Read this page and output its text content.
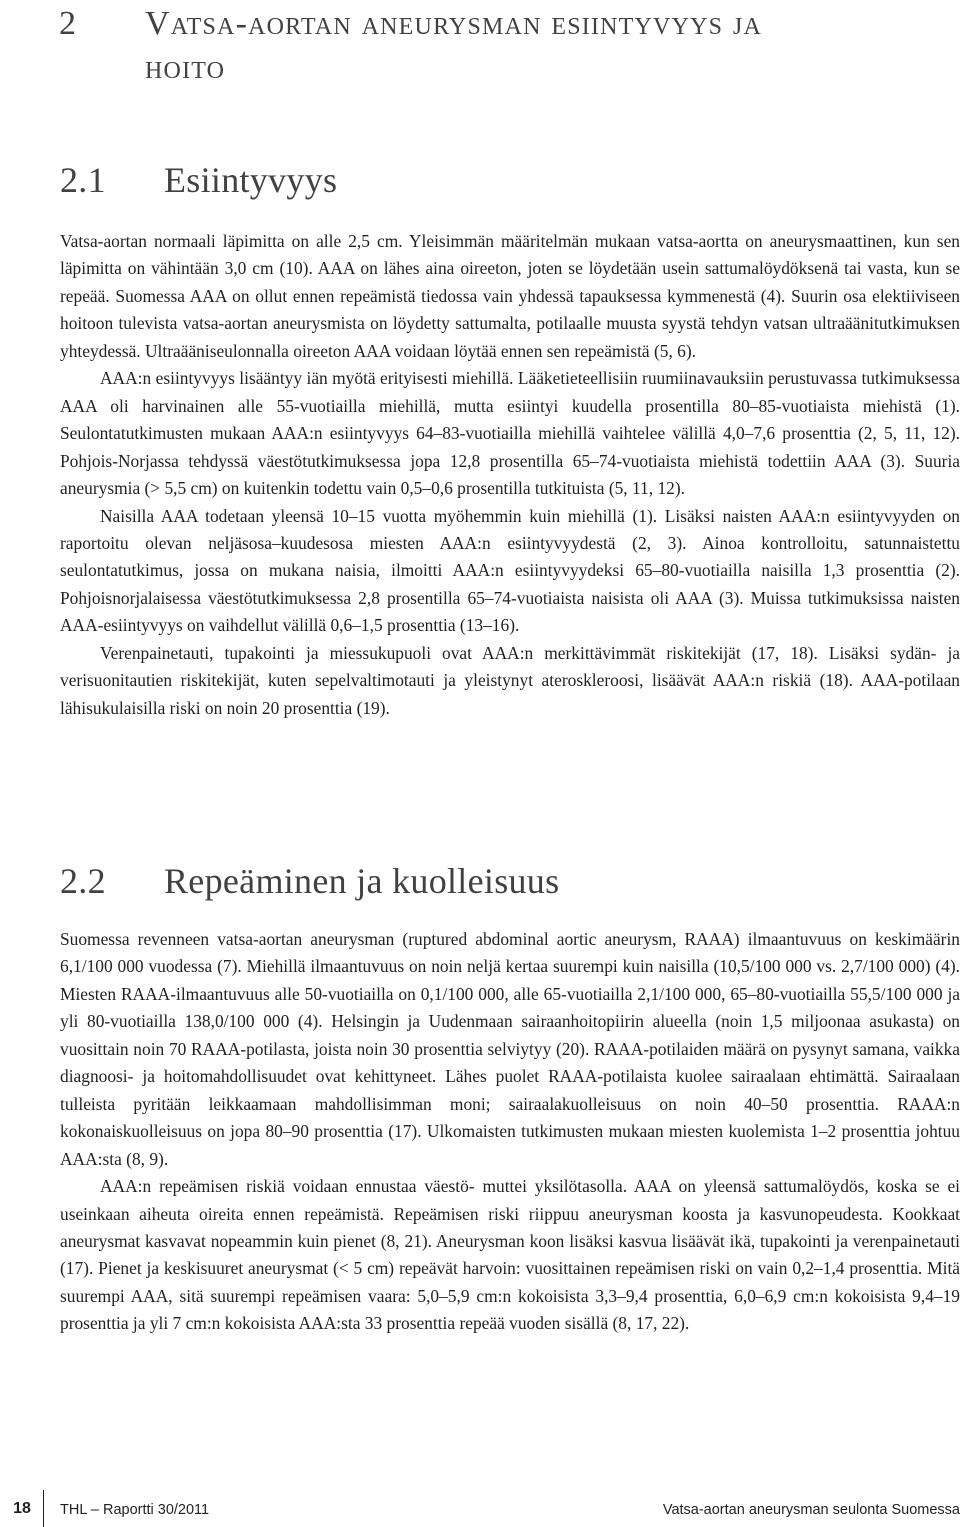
2 Vatsa-aortan aneurysman esiintyvyys ja
hoito
2.1 Esiintyvyys

Vatsa-aortan normaali läpimitta on alle 2,5 cm. Yleisimmän määritelmän mukaan vatsa-aortta on aneurysmaattinen, kun sen läpimitta on vähintään 3,0 cm (10). AAA on lähes aina oireeton, joten se löydetään usein sattumalöydöksenä tai vasta, kun se repeää. Suomessa AAA on ollut ennen repeämistä tiedossa vain yhdessä tapauksessa kymmenestä (4). Suurin osa elektiiviseen hoitoon tulevista vatsa-aortan aneurysmista on löydetty sattumalta, potilaalle muusta syystä tehdyn vatsan ultraäänitutkimuksen yhteydessä. Ultraääniseulonnalla oireeton AAA voidaan löytää ennen sen repeämistä (5, 6).

AAA:n esiintyvyys lisääntyy iän myötä erityisesti miehillä. Lääketieteellisiin ruumiinavauksiin perustuvassa tutkimuksessa AAA oli harvinainen alle 55-vuotiailla miehillä, mutta esiintyi kuudella prosentilla 80–85-vuotiaista miehistä (1). Seulontatutkimusten mukaan AAA:n esiintyvyys 64–83-vuotiailla miehillä vaihtelee välillä 4,0–7,6 prosenttia (2, 5, 11, 12). Pohjois-Norjassa tehdyssä väestötutkimuksessa jopa 12,8 prosentilla 65–74-vuotiaista miehistä todettiin AAA (3). Suuria aneurysmia (> 5,5 cm) on kuitenkin todettu vain 0,5–0,6 prosentilla tutkituista (5, 11, 12).

Naisilla AAA todetaan yleensä 10–15 vuotta myöhemmin kuin miehillä (1). Lisäksi naisten AAA:n esiintyvyyden on raportoitu olevan neljäsosa–kuudesosa miesten AAA:n esiintyvyydestä (2, 3). Ainoa kontrolloitu, satunnaistettu seulontatutkimus, jossa on mukana naisia, ilmoitti AAA:n esiintyvyydeksi 65–80-vuotiailla naisilla 1,3 prosenttia (2). Pohjoisnorjalaisessa väestötutkimuksessa 2,8 prosentilla 65–74-vuotiaista naisista oli AAA (3). Muissa tutkimuksissa naisten AAA-esiintyvyys on vaihdellut välillä 0,6–1,5 prosenttia (13–16).

Verenpainetauti, tupakointi ja miessukupuoli ovat AAA:n merkittävimmät riskitekijät (17, 18). Lisäksi sydän- ja verisuonitautien riskitekijät, kuten sepelvaltimotauti ja yleistynyt ateroskleroosi, lisäävät AAA:n riskiä (18). AAA-potilaan lähisukulaisilla riski on noin 20 prosenttia (19).

2.2 Repeäminen ja kuolleisuus

Suomessa revenneen vatsa-aortan aneurysman (ruptured abdominal aortic aneurysm, RAAA) ilmaantuvuus on keskimäärin 6,1/100 000 vuodessa (7). Miehillä ilmaantuvuus on noin neljä kertaa suurempi kuin naisilla (10,5/100 000 vs. 2,7/100 000) (4). Miesten RAAA-ilmaantuvuus alle 50-vuotiailla on 0,1/100 000, alle 65-vuotiailla 2,1/100 000, 65–80-vuotiailla 55,5/100 000 ja yli 80-vuotiailla 138,0/100 000 (4). Helsingin ja Uudenmaan sairaanhoitopiirin alueella (noin 1,5 miljoonaa asukasta) on vuosittain noin 70 RAAA-potilasta, joista noin 30 prosenttia selviytyy (20). RAAA-potilaiden määrä on pysynyt samana, vaikka diagnoosi- ja hoitomahdollisuudet ovat kehittyneet. Lähes puolet RAAA-potilaista kuolee sairaalaan ehtimättä. Sairaalaan tulleista pyritään leikkaamaan mahdollisimman moni; sairaalakuolleisuus on noin 40–50 prosenttia. RAAA:n kokonaiskuolleisuus on jopa 80–90 prosenttia (17). Ulkomaisten tutkimusten mukaan miesten kuolemista 1–2 prosenttia johtuu AAA:sta (8, 9).

AAA:n repeämisen riskiä voidaan ennustaa väestö- muttei yksilötasolla. AAA on yleensä sattumalöydös, koska se ei useinkaan aiheuta oireita ennen repeämistä. Repeämisen riski riippuu aneurysman koosta ja kasvunopeudesta. Kookkaat aneurysmat kasvavat nopeammin kuin pienet (8, 21). Aneurysman koon lisäksi kasvua lisäävät ikä, tupakointi ja verenpainetauti (17). Pienet ja keskisuuret aneurysmat (< 5 cm) repeävät harvoin: vuosittainen repeämisen riski on vain 0,2–1,4 prosenttia. Mitä suurempi AAA, sitä suurempi repeämisen vaara: 5,0–5,9 cm:n kokoisista 3,3–9,4 prosenttia, 6,0–6,9 cm:n kokoisista 9,4–19 prosenttia ja yli 7 cm:n kokoisista AAA:sta 33 prosenttia repeää vuoden sisällä (8, 17, 22).

18	THL – Raportti 30/2011	Vatsa-aortan aneurysman seulonta Suomessa
